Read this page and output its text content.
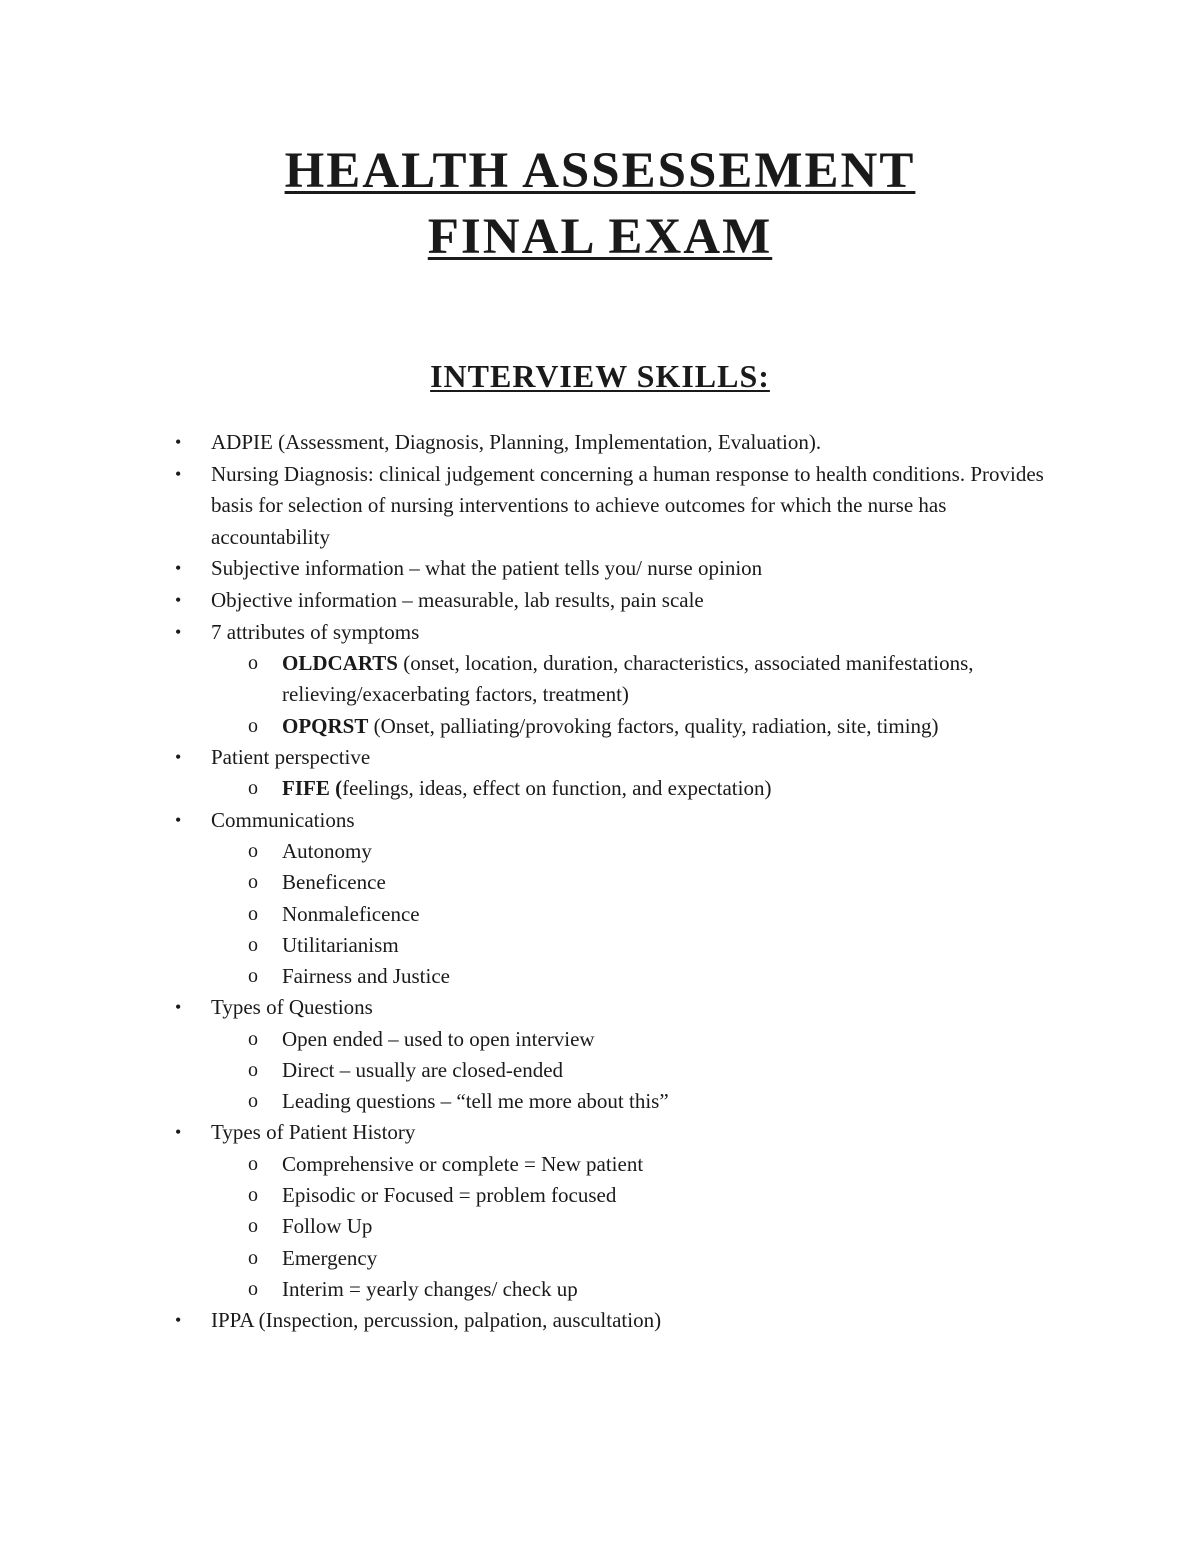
HEALTH ASSESSEMENT
FINAL EXAM
INTERVIEW SKILLS:
• ADPIE (Assessment, Diagnosis, Planning, Implementation, Evaluation).
• Nursing Diagnosis: clinical judgement concerning a human response to health conditions. Provides basis for selection of nursing interventions to achieve outcomes for which the nurse has accountability
• Subjective information – what the patient tells you/ nurse opinion
• Objective information – measurable, lab results, pain scale
• 7 attributes of symptoms
o OLDCARTS (onset, location, duration, characteristics, associated manifestations, relieving/exacerbating factors, treatment)
o OPQRST (Onset, palliating/provoking factors, quality, radiation, site, timing)
• Patient perspective
o FIFE (feelings, ideas, effect on function, and expectation)
• Communications
o Autonomy
o Beneficence
o Nonmaleficence
o Utilitarianism
o Fairness and Justice
• Types of Questions
o Open ended – used to open interview
o Direct – usually are closed-ended
o Leading questions – “tell me more about this”
• Types of Patient History
o Comprehensive or complete = New patient
o Episodic or Focused = problem focused
o Follow Up
o Emergency
o Interim = yearly changes/ check up
• IPPA (Inspection, percussion, palpation, auscultation)
